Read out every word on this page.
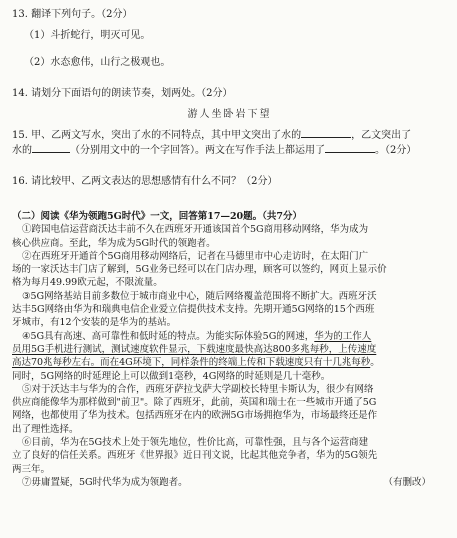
13. 翻译下列句子。（2分）
（1）斗折蛇行，明灭可见。
（2）水态愈伟，山行之极观也。
14. 请划分下面语句的朗读节奏，划两处。（2分）
游人坐卧岩下望
15. 甲、乙两文写水，突出了水的不同特点，其中甲文突出了水的	，乙文突出了
水的	（分别用文中的一个字回答）。两文在写作手法上都运用了	。（2分）
16. 请比较甲、乙两文表达的思想感情有什么不同？（2分）
（二）阅读《华为领跑5G时代》一文，回答第17—20题。（共7分）
①跨国电信运营商沃达丰前不久在西班牙开通该国首个5G商用移动网络，华为成为
核心供应商。至此，华为成为5G时代的领跑者。
②在西班牙开通首个5G商用移动网络后，记者在马德里市中心走访时，在太阳门广
场的一家沃达丰门店了解到，5G业务已经可以在门店办理，顾客可以签约，网页上显示价
格为每月49.99欧元起，不限流量。
③5G网络基站目前多数位于城市商业中心，随后网络覆盖范围将不断扩大。西班牙沃
达丰5G网络由华为和瑞典电信企业爱立信提供技术支持。先期开通5G网络的15个西班
牙城市，有12个安装的是华为的基站。
④5G具有高速、高可靠性和低时延的特点。为能实际体验5G的网速，华为的工作人
员用5G手机进行测试，测试速度软件显示，下载速度最快高达800多兆每秒，上传速度
高达70兆每秒左右。而在4G环境下，同样条件的终端上传和下载速度只有十几兆每秒。
同时，5G网络的时延理论上可以做到1毫秒，4G网络的时延则是几十毫秒。
⑤对于沃达丰与华为的合作，西班牙萨拉戈萨大学副校长特里卡斯认为，很少有网络
供应商能像华为那样做到"前卫"。除了西班牙，此前，英国和瑞士在一些城市开通了5G
网络，也都使用了华为技术。包括西班牙在内的欧洲5G市场拥抱华为，市场最终还是作
出了理性选择。
⑥目前，华为在5G技术上处于领先地位，性价比高，可靠性强，且与各个运营商建
立了良好的信任关系。西班牙《世界报》近日刊文说，比起其他竞争者，华为的5G领先
两三年。
⑦毋庸置疑，5G时代华为成为领跑者。	（有删改）
